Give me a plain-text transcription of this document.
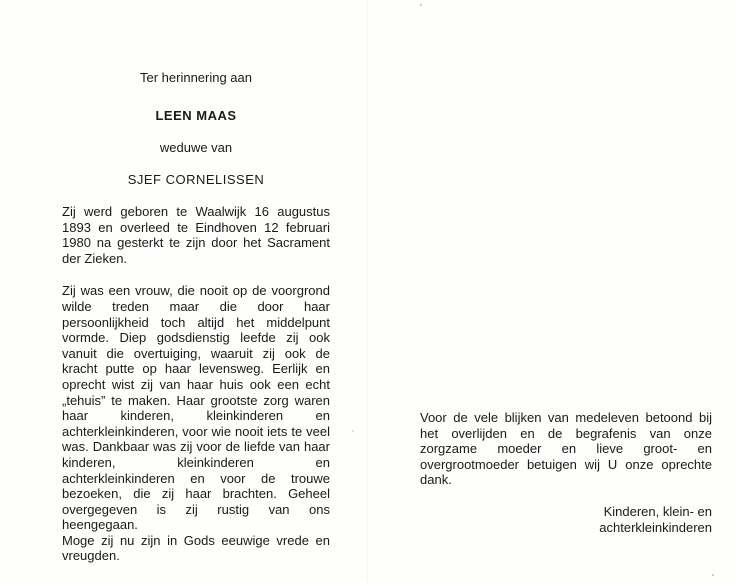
Ter herinnering aan
LEEN MAAS
weduwe van
SJEF CORNELISSEN

Zij werd geboren te Waalwijk 16 augustus 1893 en overleed te Eindhoven 12 februari 1980 na gesterkt te zijn door het Sacrament der Zieken.

Zij was een vrouw, die nooit op de voorgrond wilde treden maar die door haar persoonlijkheid toch altijd het middelpunt vormde. Diep godsdienstig leefde zij ook vanuit die overtuiging, waaruit zij ook de kracht putte op haar levensweg. Eerlijk en oprecht wist zij van haar huis ook een echt „tehuis” te maken. Haar grootste zorg waren haar kinderen, kleinkinderen en achterkleinkinderen, voor wie nooit iets te veel was. Dankbaar was zij voor de liefde van haar kinderen, kleinkinderen en achterkleinkinderen en voor de trouwe bezoeken, die zij haar brachten. Geheel overgegeven is zij rustig van ons heengegaan.

Moge zij nu zijn in Gods eeuwige vrede en vreugden.

Voor de vele blijken van medeleven betoond bij het overlijden en de begrafenis van onze zorgzame moeder en lieve groot- en overgrootmoeder betuigen wij U onze oprechte dank.

Kinderen, klein- en
achterkleinkinderen
